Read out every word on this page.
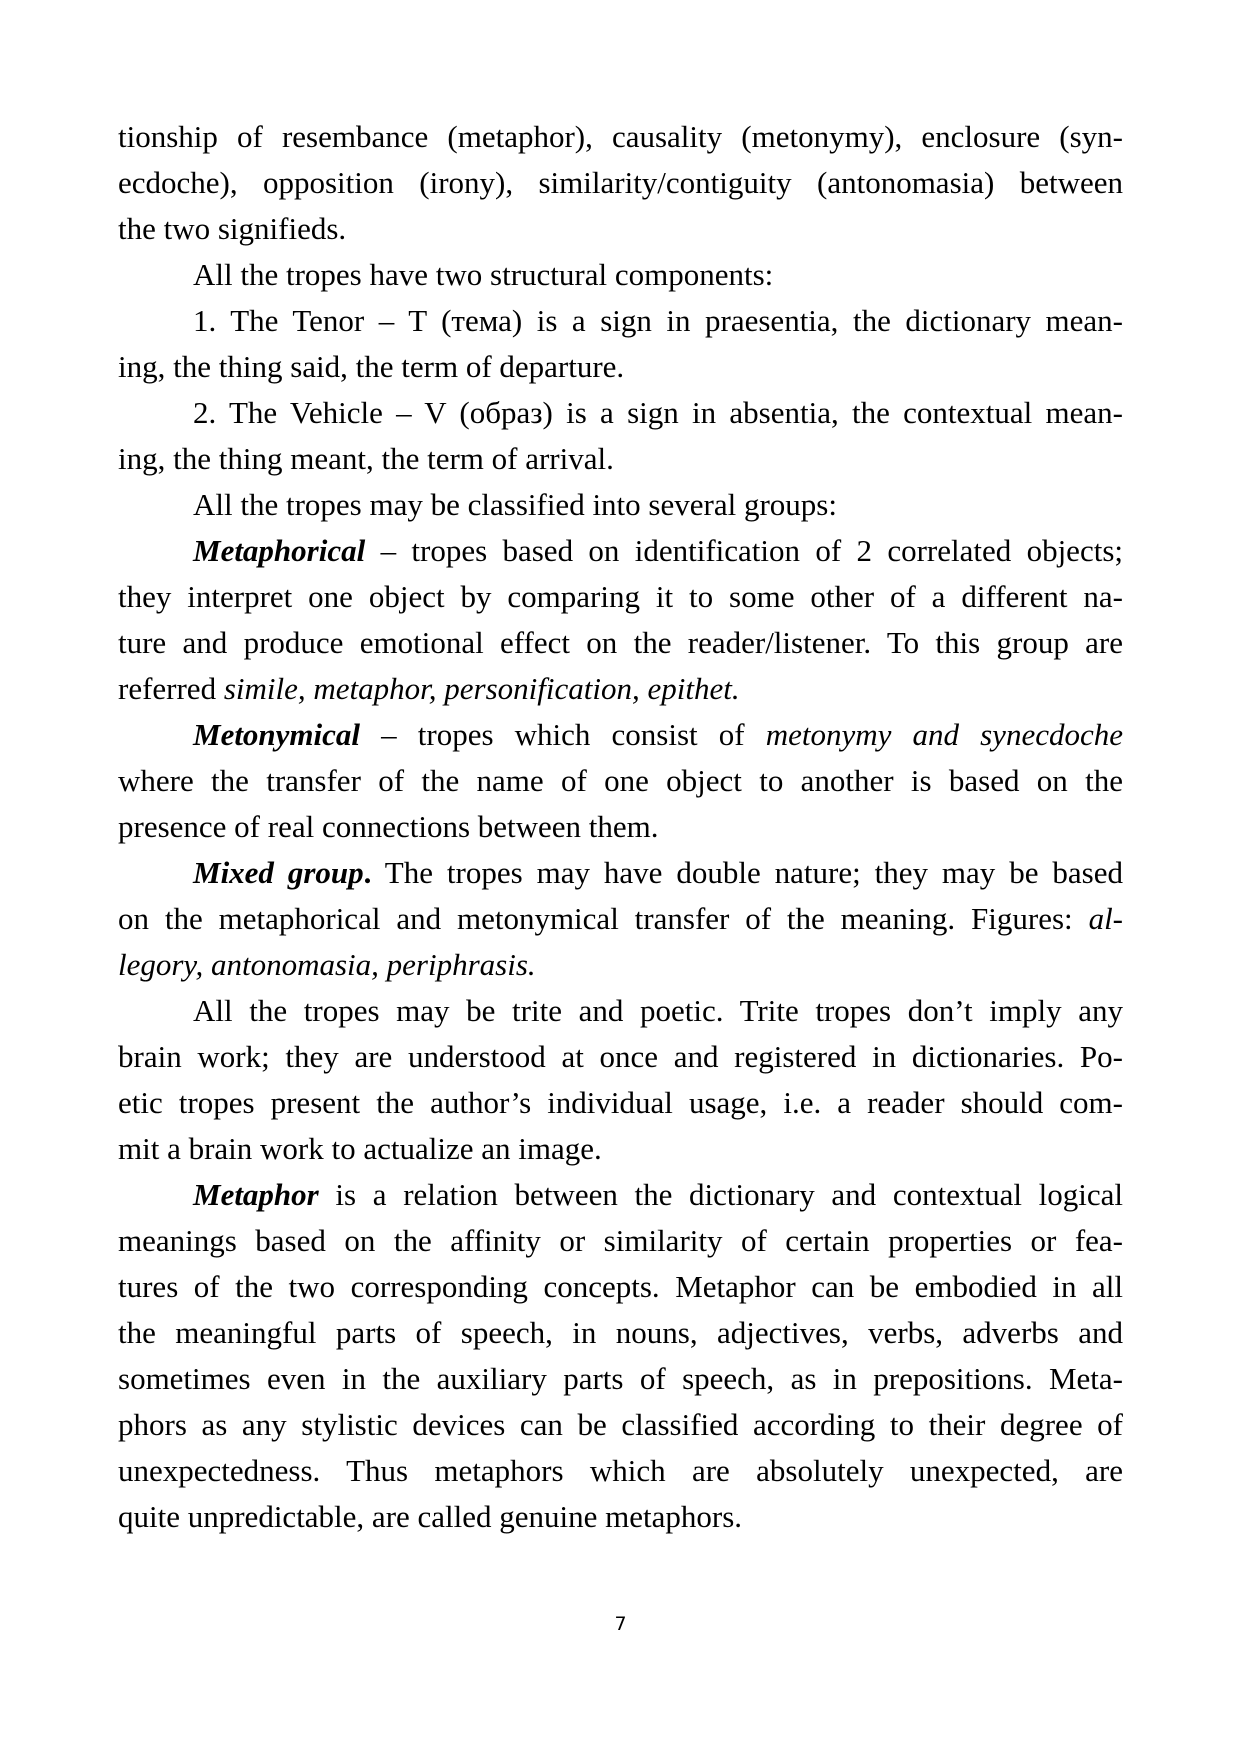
tionship of resembance (metaphor), causality (metonymy), enclosure (syn-
ecdoche), opposition (irony), similarity/contiguity (antonomasia) between
the two signifieds.
All the tropes have two structural components:
1. The Tenor – T (тема) is a sign in praesentia, the dictionary mean-
ing, the thing said, the term of departure.
2. The Vehicle – V (образ) is a sign in absentia, the contextual mean-
ing, the thing meant, the term of arrival.
All the tropes may be classified into several groups:
Metaphorical – tropes based on identification of 2 correlated objects;
they interpret one object by comparing it to some other of a different na-
ture and produce emotional effect on the reader/listener. To this group are
referred simile, metaphor, personification, epithet.
Metonymical – tropes which consist of metonymy and synecdoche
where the transfer of the name of one object to another is based on the
presence of real connections between them.
Mixed group. The tropes may have double nature; they may be based
on the metaphorical and metonymical transfer of the meaning. Figures: al-
legory, antonomasia, periphrasis.
All the tropes may be trite and poetic. Trite tropes don’t imply any
brain work; they are understood at once and registered in dictionaries. Po-
etic tropes present the author’s individual usage, i.e. a reader should com-
mit a brain work to actualize an image.
Metaphor is a relation between the dictionary and contextual logical
meanings based on the affinity or similarity of certain properties or fea-
tures of the two corresponding concepts. Metaphor can be embodied in all
the meaningful parts of speech, in nouns, adjectives, verbs, adverbs and
sometimes even in the auxiliary parts of speech, as in prepositions. Meta-
phors as any stylistic devices can be classified according to their degree of
unexpectedness. Thus metaphors which are absolutely unexpected, are
quite unpredictable, are called genuine metaphors.
7
